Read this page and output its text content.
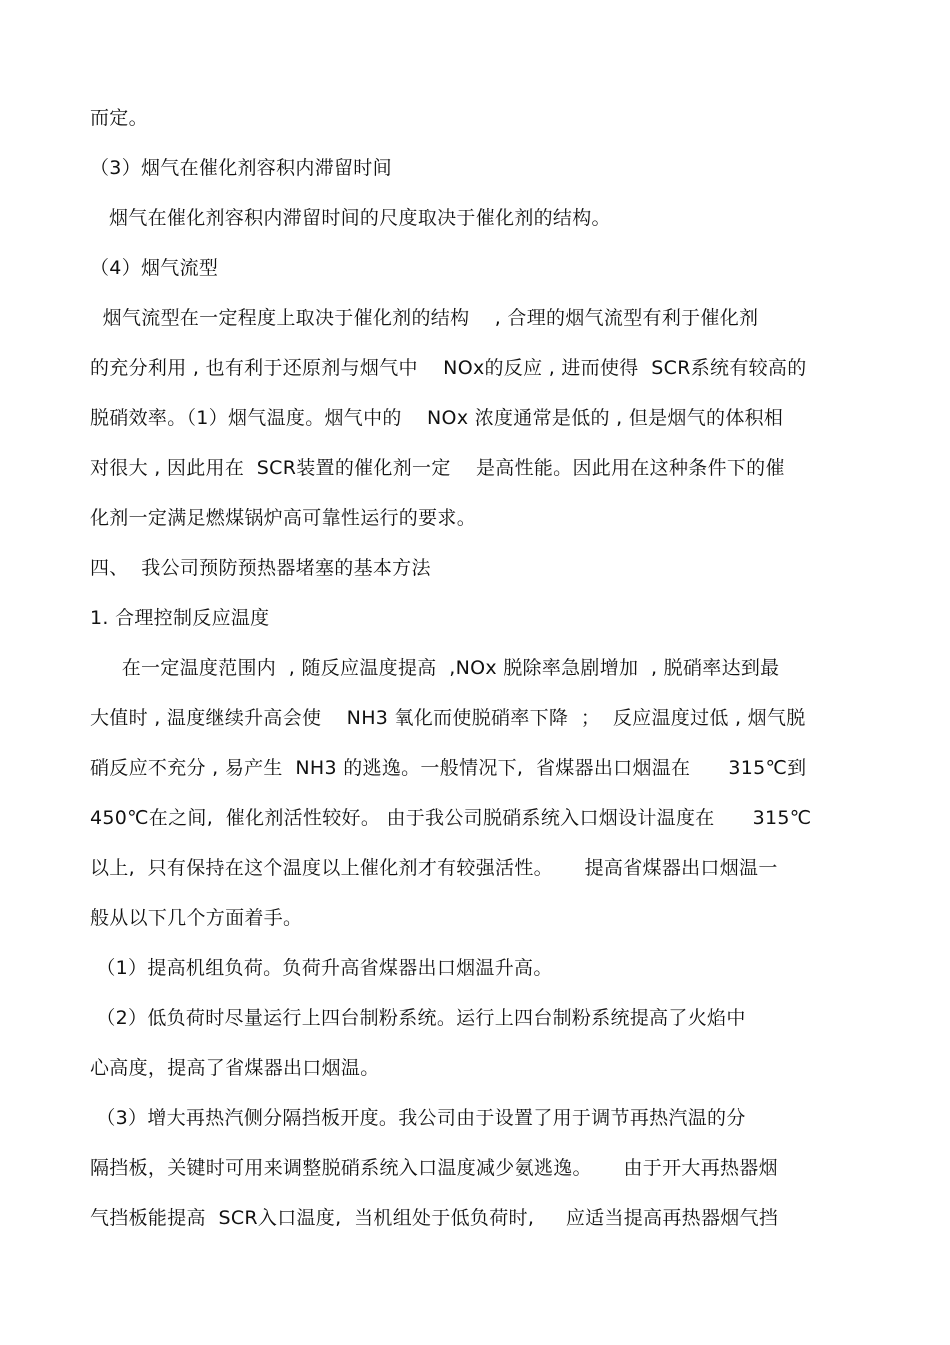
而定。
（3）烟气在催化剂容积内滞留时间
烟气在催化剂容积内滞留时间的尺度取决于催化剂的结构。
（4）烟气流型
烟气流型在一定程度上取决于催化剂的结构    , 合理的烟气流型有利于催化剂
的充分利用 , 也有利于还原剂与烟气中    NOx的反应 , 进而使得  SCR系统有较高的
脱硝效率。（1）烟气温度。烟气中的    NOx 浓度通常是低的 , 但是烟气的体积相
对很大 , 因此用在  SCR装置的催化剂一定    是高性能。因此用在这种条件下的催
化剂一定满足燃煤锅炉高可靠性运行的要求。
四、  我公司预防预热器堵塞的基本方法
1. 合理控制反应温度
在一定温度范围内  , 随反应温度提高  ,NOx 脱除率急剧增加  , 脱硝率达到最
大值时 , 温度继续升高会使    NH3 氧化而使脱硝率下降  ；  反应温度过低 , 烟气脱
硝反应不充分 , 易产生  NH3 的逃逸。一般情况下,  省煤器出口烟温在      315℃到
450℃在之间,  催化剂活性较好。 由于我公司脱硝系统入口烟设计温度在      315℃
以上,  只有保持在这个温度以上催化剂才有较强活性。     提高省煤器出口烟温一
般从以下几个方面着手。
（1）提高机组负荷。负荷升高省煤器出口烟温升高。
（2）低负荷时尽量运行上四台制粉系统。运行上四台制粉系统提高了火焰中
心高度，提高了省煤器出口烟温。
（3）增大再热汽侧分隔挡板开度。我公司由于设置了用于调节再热汽温的分
隔挡板，关键时可用来调整脱硝系统入口温度减少氨逃逸。     由于开大再热器烟
气挡板能提高  SCR入口温度,  当机组处于低负荷时,     应适当提高再热器烟气挡
